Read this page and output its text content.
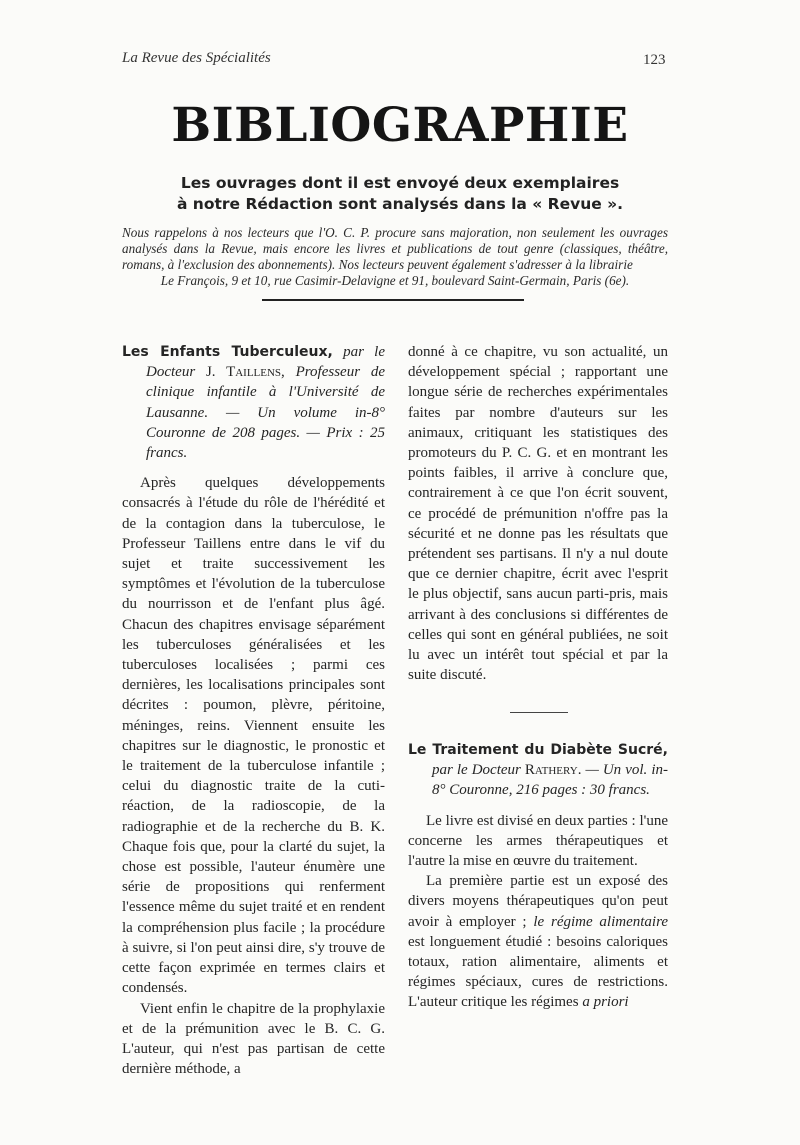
La Revue des Spécialités	123
BIBLIOGRAPHIE
Les ouvrages dont il est envoyé deux exemplaires
à notre Rédaction sont analysés dans la « Revue ».

Nous rappelons à nos lecteurs que l'O. C. P. procure sans majoration, non seulement les ouvrages analysés dans la Revue, mais encore les livres et publications de tout genre (classiques, théâtre, romans, à l'exclusion des abonnements). Nos lecteurs peuvent également s'adresser à la librairie

Le François, 9 et 10, rue Casimir-Delavigne et 91, boulevard Saint-Germain, Paris (6e).

Les Enfants Tuberculeux, par le Docteur J. Taillens, Professeur de clinique infantile à l'Université de Lausanne. — Un volume in-8° Couronne de 208 pages. — Prix : 25 francs.

Après quelques développements consacrés à l'étude du rôle de l'hérédité et de la contagion dans la tuberculose, le Professeur Taillens entre dans le vif du sujet et traite successivement les symptômes et l'évolution de la tuberculose du nourrisson et de l'enfant plus âgé. Chacun des chapitres envisage séparément les tuberculoses généralisées et les tuberculoses localisées ; parmi ces dernières, les localisations principales sont décrites : poumon, plèvre, péritoine, méninges, reins. Viennent ensuite les chapitres sur le diagnostic, le pronostic et le traitement de la tuberculose infantile ; celui du diagnostic traite de la cuti-réaction, de la radioscopie, de la radiographie et de la recherche du B. K. Chaque fois que, pour la clarté du sujet, la chose est possible, l'auteur énumère une série de propositions qui renferment l'essence même du sujet traité et en rendent la compréhension plus facile ; la procédure à suivre, si l'on peut ainsi dire, s'y trouve de cette façon exprimée en termes clairs et condensés.

Vient enfin le chapitre de la prophylaxie et de la prémunition avec le B. C. G. L'auteur, qui n'est pas partisan de cette dernière méthode, a

donné à ce chapitre, vu son actualité, un développement spécial ; rapportant une longue série de recherches expérimentales faites par nombre d'auteurs sur les animaux, critiquant les statistiques des promoteurs du P. C. G. et en montrant les points faibles, il arrive à conclure que, contrairement à ce que l'on écrit souvent, ce procédé de prémunition n'offre pas la sécurité et ne donne pas les résultats que prétendent ses partisans. Il n'y a nul doute que ce dernier chapitre, écrit avec l'esprit le plus objectif, sans aucun parti-pris, mais arrivant à des conclusions si différentes de celles qui sont en général publiées, ne soit lu avec un intérêt tout spécial et par la suite discuté.

Le Traitement du Diabète Sucré, par le Docteur Rathery. — Un vol. in-8° Couronne, 216 pages : 30 francs.

Le livre est divisé en deux parties : l'une concerne les armes thérapeutiques et l'autre la mise en œuvre du traitement.

La première partie est un exposé des divers moyens thérapeutiques qu'on peut avoir à employer ; le régime alimentaire est longuement étudié : besoins caloriques totaux, ration alimentaire, aliments et régimes spéciaux, cures de restrictions. L'auteur critique les régimes a priori
